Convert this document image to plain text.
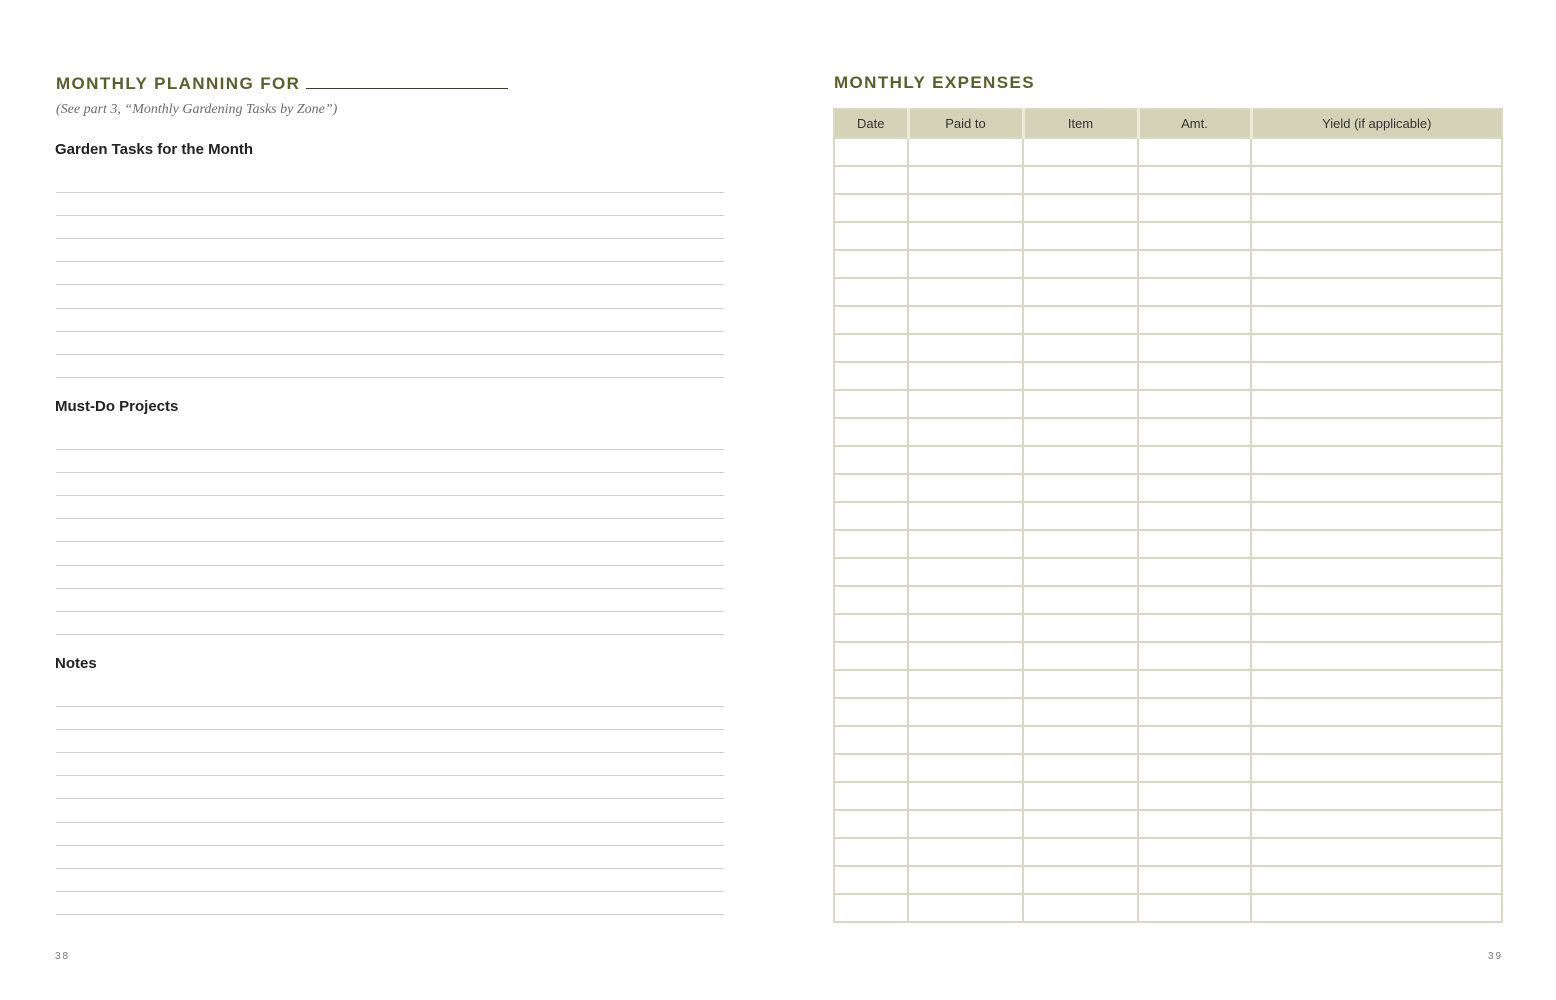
MONTHLY PLANNING FOR
(See part 3, “Monthly Gardening Tasks by Zone”)
Garden Tasks for the Month
Must-Do Projects
Notes
38
MONTHLY EXPENSES
Date	Paid to	Item	Amt.	Yield (if applicable)

39
